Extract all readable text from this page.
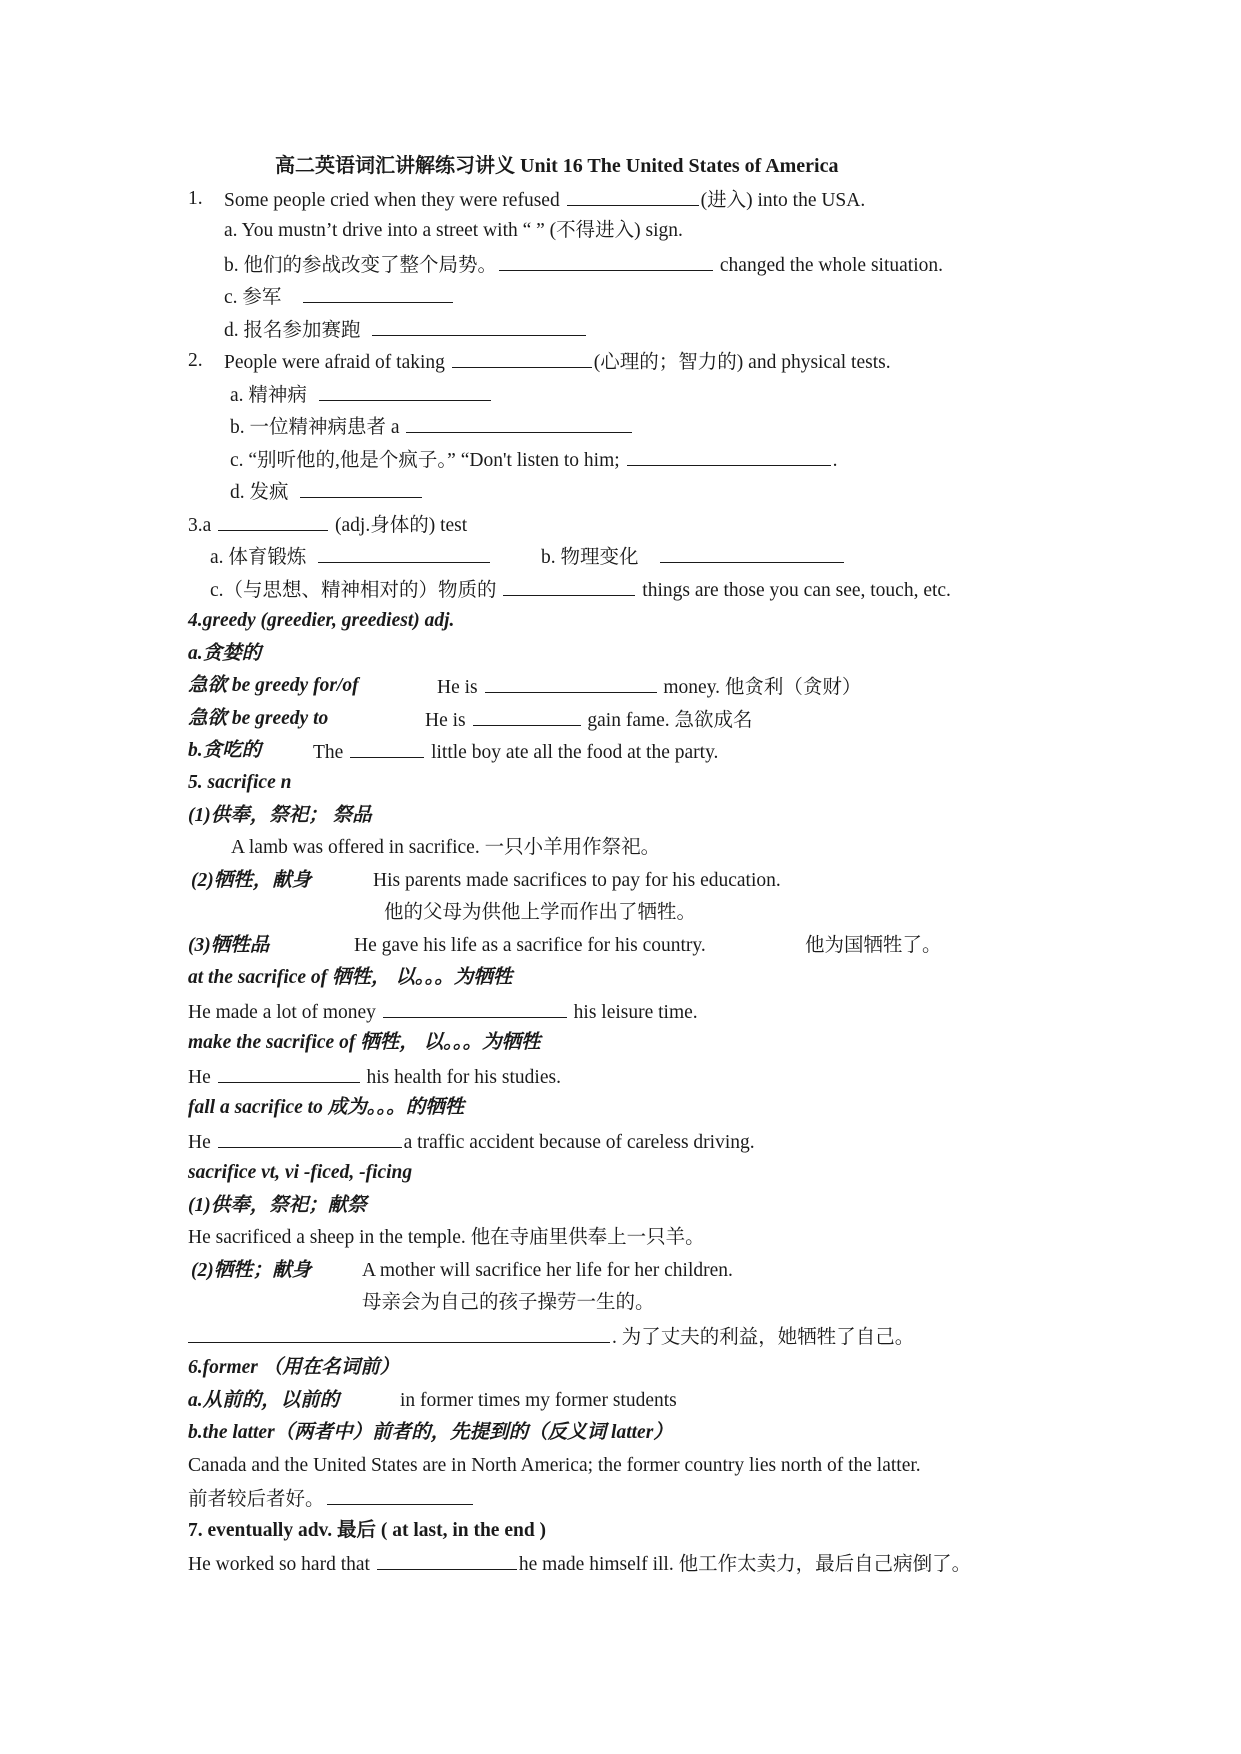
高二英语词汇讲解练习讲义 Unit 16 The United States of America
1. Some people cried when they were refused	(进入) into the USA.
a. You mustn’t drive into a street with “ ” (不得进入) sign.
b. 他们的参战改变了整个局势。	changed the whole situation.
c. 参军
d. 报名参加赛跑
2. People were afraid of taking	(心理的；智力的) and physical tests.
a. 精神病
b. 一位精神病患者 a
c. “别听他的,他是个疯子。” “Don't listen to him;	.
d. 发疯
3.a	(adj.身体的) test
a. 体育锻炼	b. 物理变化
c.（与思想、精神相对的）物质的	things are those you can see, touch, etc.
4.greedy (greedier, greediest) adj.
a.贪婪的
急欲 be greedy for/of	He is	money. 他贪利（贪财）
急欲 be greedy to	He is	gain fame. 急欲成名
b.贪吃的	The	little boy ate all the food at the party.
5. sacrifice n
(1)供奉，祭祀； 祭品
A lamb was offered in sacrifice. 一只小羊用作祭祀。
(2)牺牲，献身	His parents made sacrifices to pay for his education.
他的父母为供他上学而作出了牺牲。
(3)牺牲品	He gave his life as a sacrifice for his country.	他为国牺牲了。
at the sacrifice of 牺牲， 以。。。为牺牲
He made a lot of money	his leisure time.
make the sacrifice of 牺牲， 以。。。为牺牲
He	his health for his studies.
fall a sacrifice to 成为。。。的牺牲
He	a traffic accident because of careless driving.
sacrifice vt, vi -ficed, -ficing
(1)供奉，祭祀；献祭
He sacrificed a sheep in the temple. 他在寺庙里供奉上一只羊。
(2)牺牲；献身	A mother will sacrifice her life for her children.
母亲会为自己的孩子操劳一生的。
. 为了丈夫的利益，她牺牲了自己。
6.former （用在名词前）
a.从前的，以前的	in former times my former students
b.the latter（两者中）前者的，先提到的（反义词 latter）
Canada and the United States are in North America; the former country lies north of the latter.
前者较后者好。
7. eventually adv. 最后 ( at last, in the end )
He worked so hard that	he made himself ill. 他工作太卖力，最后自己病倒了。
